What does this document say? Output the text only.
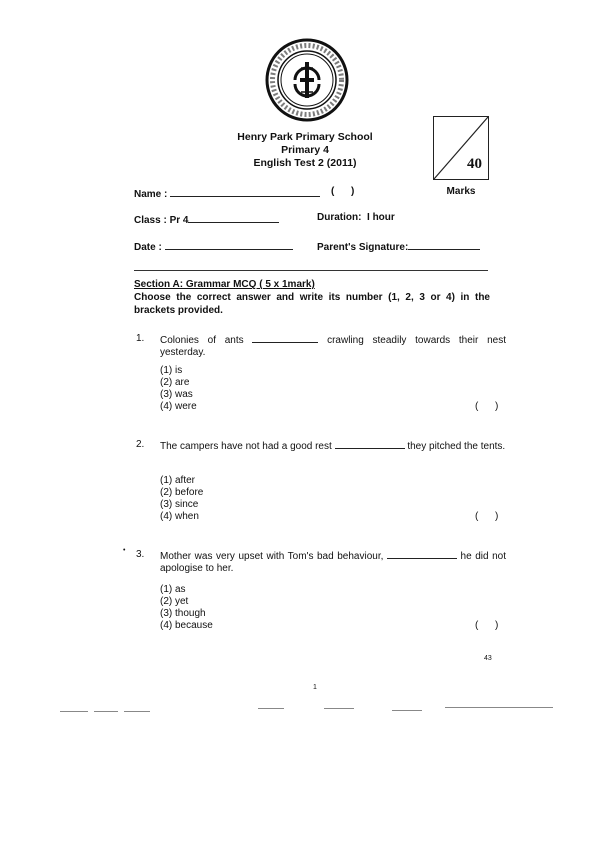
Henry Park Primary School
Primary 4
English Test 2 (2011)	40
Marks
Name :	(      )
Class : Pr 4	Duration: I hour
Date :	Parent's Signature:
Section A: Grammar MCQ ( 5 x 1mark)
Choose the correct answer and write its number (1, 2, 3 or 4) in the brackets provided.
1.	Colonies of ants	crawling steadily towards their nest yesterday.
(1) is
(2) are
(3) was
(4) were	(      )
2.	The campers have not had a good rest	they pitched the tents.
(1) after
(2) before
(3) since
(4) when	(      )
• 3.	Mother was very upset with Tom's bad behaviour,	he did not apologise to her.
(1) as
(2) yet
(3) though
(4) because	(      )
43
1
